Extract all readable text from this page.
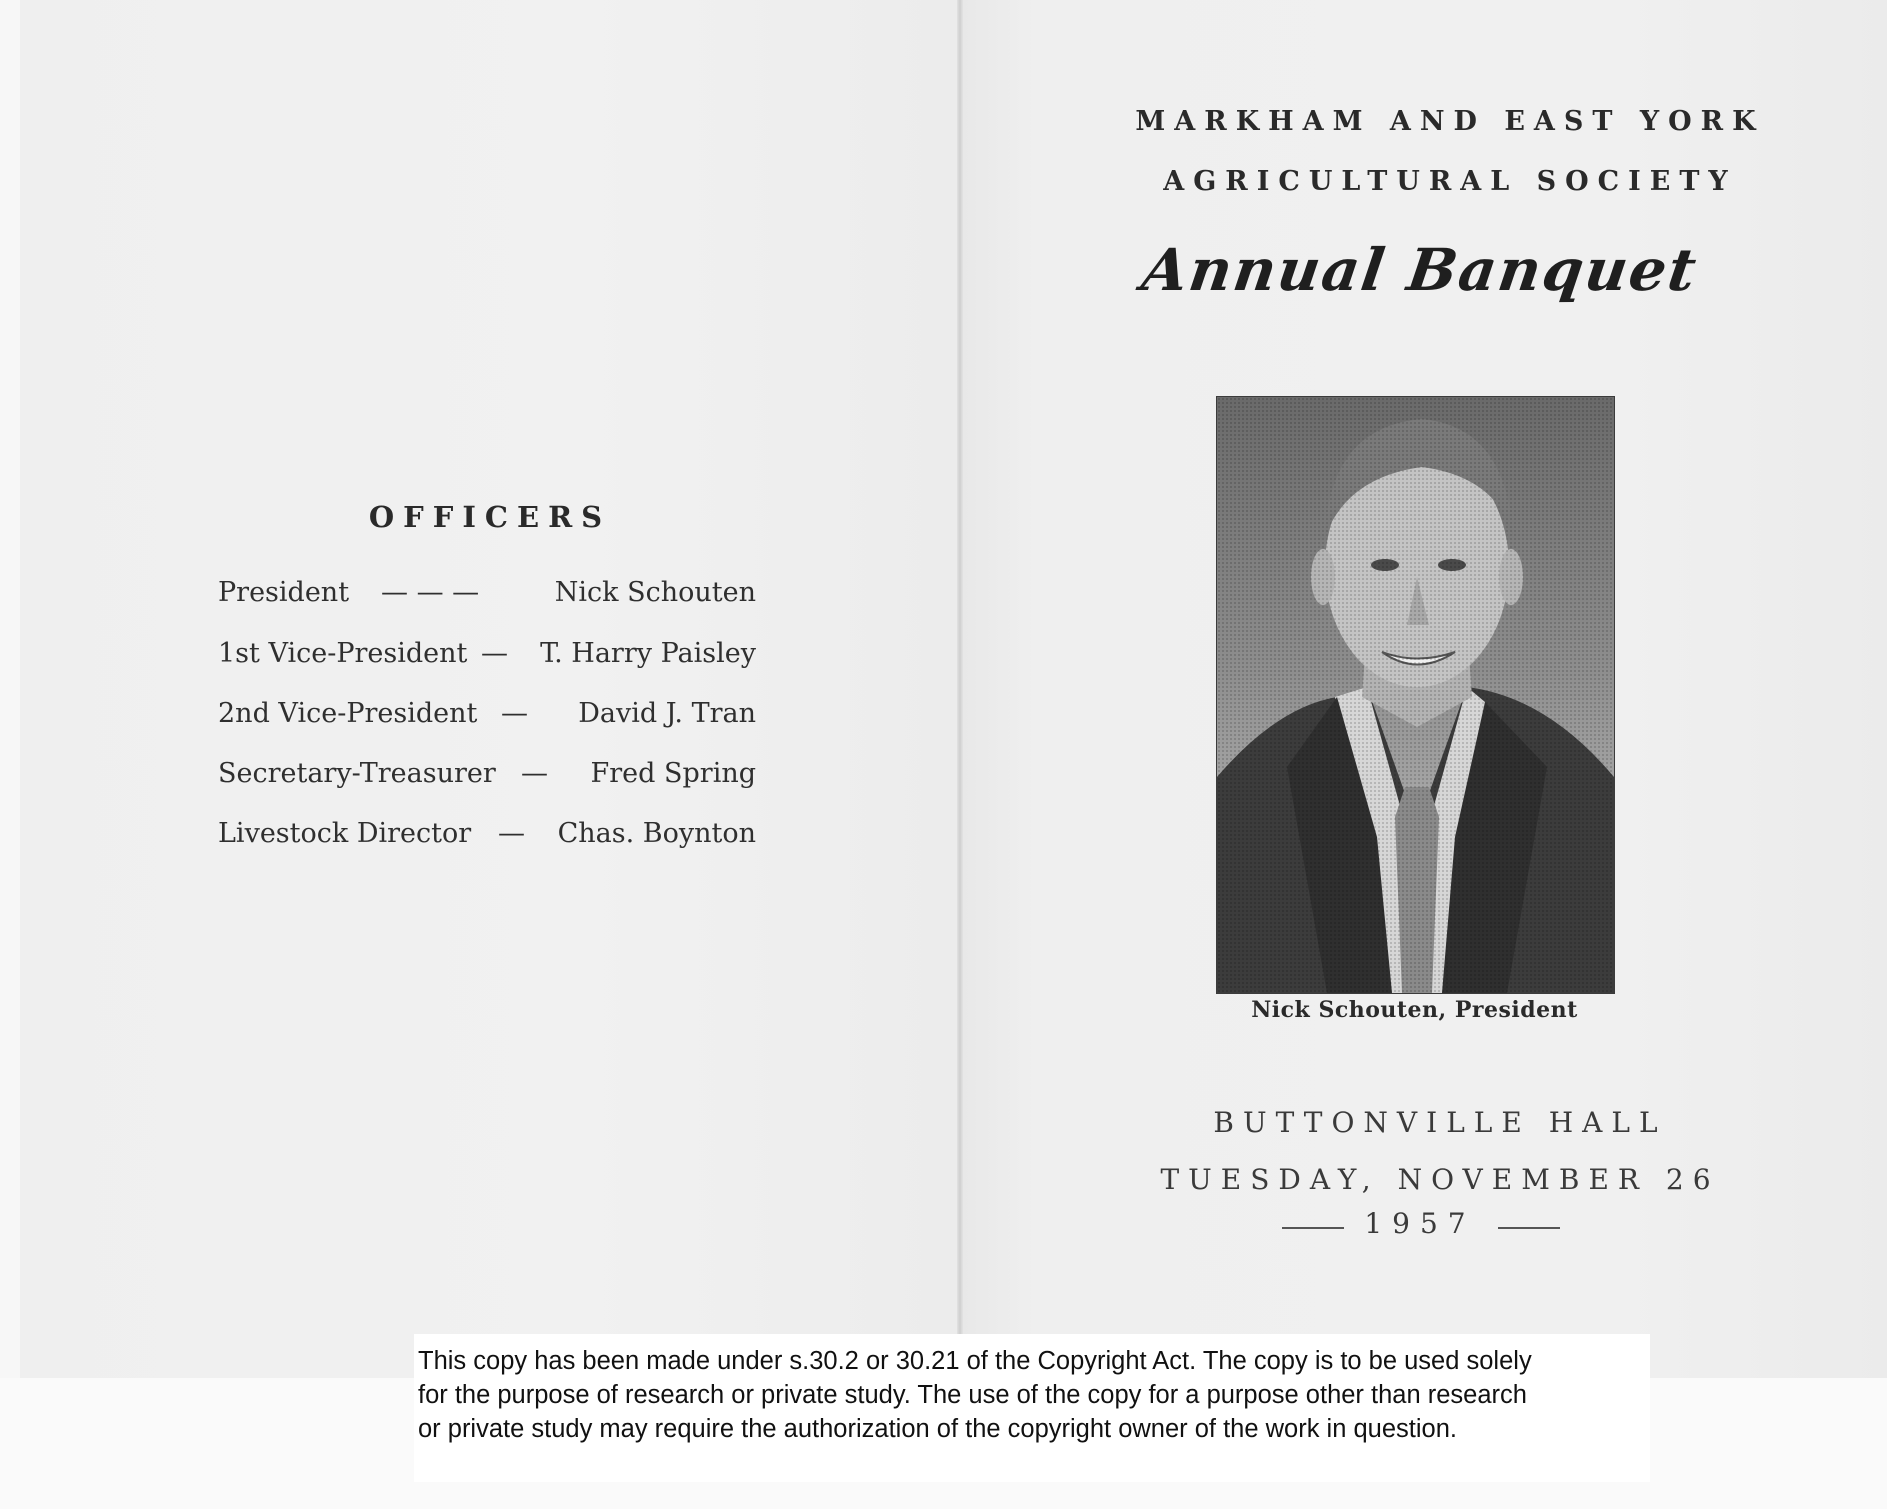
OFFICERS
President — — —	Nick Schouten
1st Vice-President — T. Harry Paisley
2nd Vice-President — David J. Tran
Secretary-Treasurer — Fred Spring
Livestock Director — Chas. Boynton
MARKHAM AND EAST YORK
AGRICULTURAL SOCIETY
Annual Banquet
Nick Schouten, President
BUTTONVILLE HALL
TUESDAY, NOVEMBER 26
1957
This copy has been made under s.30.2 or 30.21 of the Copyright Act. The copy is to be used solely
for the purpose of research or private study. The use of the copy for a purpose other than research
or private study may require the authorization of the copyright owner of the work in question.
